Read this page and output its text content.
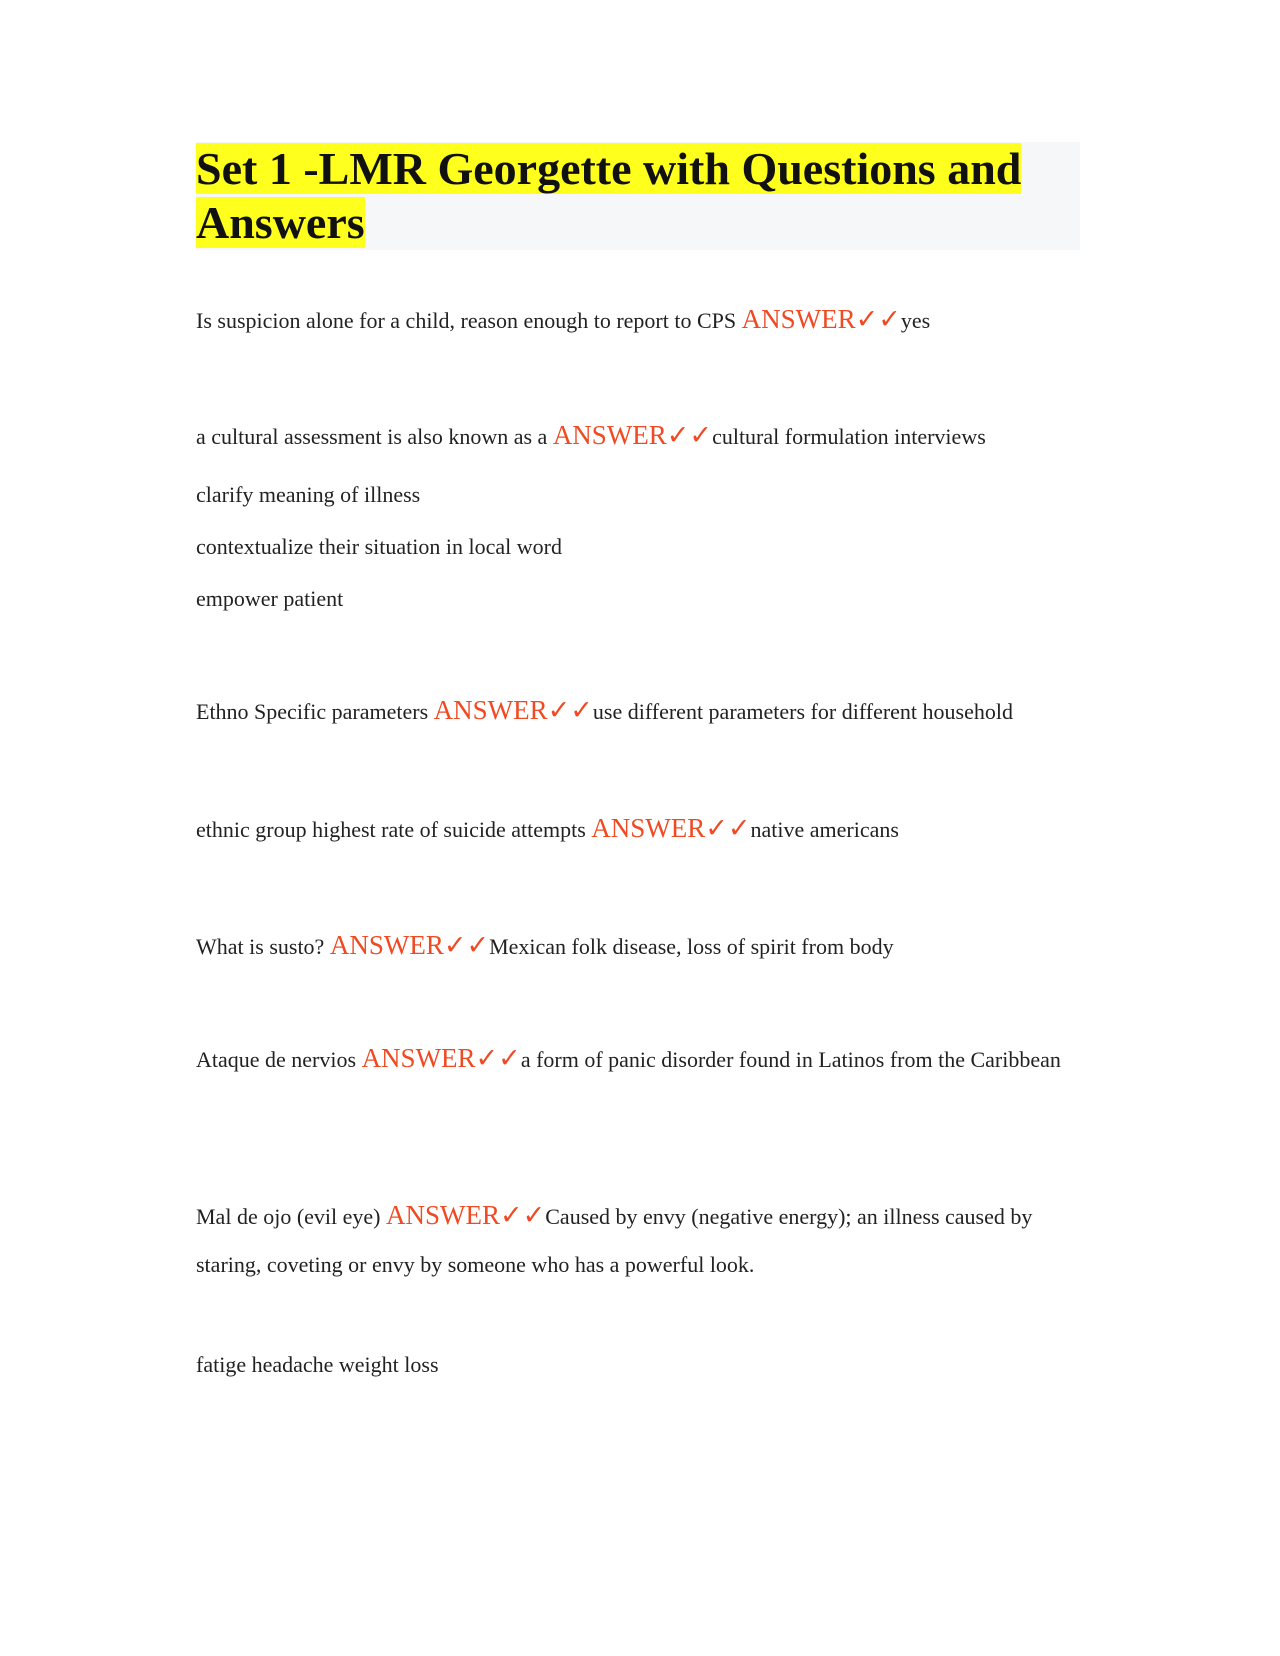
Set 1 -LMR Georgette with Questions and Answers
Is suspicion alone for a child, reason enough to report to CPS ANSWER✓✓yes
a cultural assessment is also known as a ANSWER✓✓cultural formulation interviews
clarify meaning of illness
contextualize their situation in local word
empower patient
Ethno Specific parameters ANSWER✓✓use different parameters for different household
ethnic group highest rate of suicide attempts ANSWER✓✓native americans
What is susto? ANSWER✓✓Mexican folk disease, loss of spirit from body
Ataque de nervios ANSWER✓✓a form of panic disorder found in Latinos from the Caribbean
Mal de ojo (evil eye) ANSWER✓✓Caused by envy (negative energy); an illness caused by staring, coveting or envy by someone who has a powerful look.
fatige headache weight loss
